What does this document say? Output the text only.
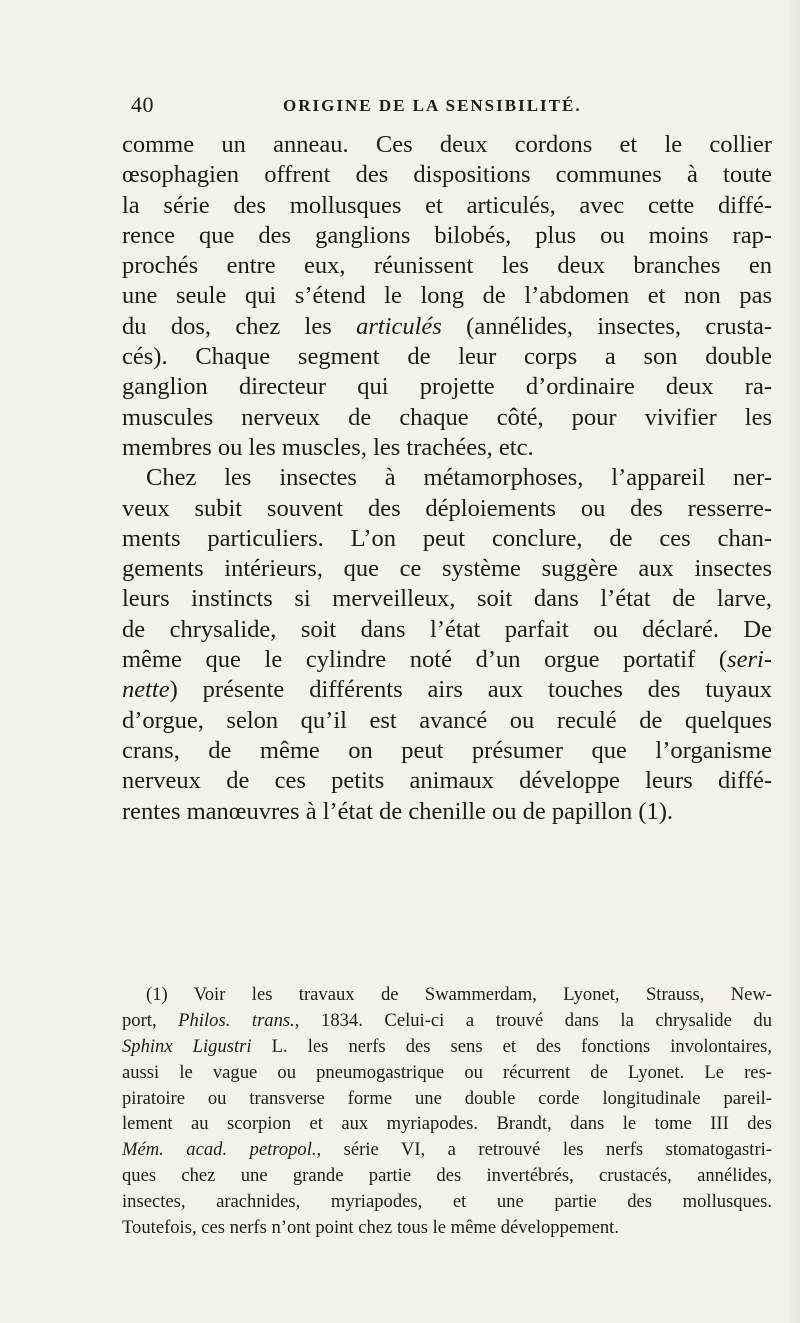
40	ORIGINE DE LA SENSIBILITÉ.
comme un anneau. Ces deux cordons et le collier
œsophagien offrent des dispositions communes à toute
la série des mollusques et articulés, avec cette diffé-
rence que des ganglions bilobés, plus ou moins rap-
prochés entre eux, réunissent les deux branches en
une seule qui s’étend le long de l’abdomen et non pas
du dos, chez les articulés (annélides, insectes, crusta-
cés). Chaque segment de leur corps a son double
ganglion directeur qui projette d’ordinaire deux ra-
muscules nerveux de chaque côté, pour vivifier les
membres ou les muscles, les trachées, etc.
Chez les insectes à métamorphoses, l’appareil ner-
veux subit souvent des déploiements ou des resserre-
ments particuliers. L’on peut conclure, de ces chan-
gements intérieurs, que ce système suggère aux insectes
leurs instincts si merveilleux, soit dans l’état de larve,
de chrysalide, soit dans l’état parfait ou déclaré. De
même que le cylindre noté d’un orgue portatif (seri-
nette) présente différents airs aux touches des tuyaux
d’orgue, selon qu’il est avancé ou reculé de quelques
crans, de même on peut présumer que l’organisme
nerveux de ces petits animaux développe leurs diffé-
rentes manœuvres à l’état de chenille ou de papillon (1).
(1) Voir les travaux de Swammerdam, Lyonet, Strauss, New-
port, Philos. trans., 1834. Celui-ci a trouvé dans la chrysalide du
Sphinx Ligustri L. les nerfs des sens et des fonctions involontaires,
aussi le vague ou pneumogastrique ou récurrent de Lyonet. Le res-
piratoire ou transverse forme une double corde longitudinale pareil-
lement au scorpion et aux myriapodes. Brandt, dans le tome III des
Mém. acad. petropol., série VI, a retrouvé les nerfs stomatogastri-
ques chez une grande partie des invertébrés, crustacés, annélides,
insectes, arachnides, myriapodes, et une partie des mollusques.
Toutefois, ces nerfs n’ont point chez tous le même développement.
